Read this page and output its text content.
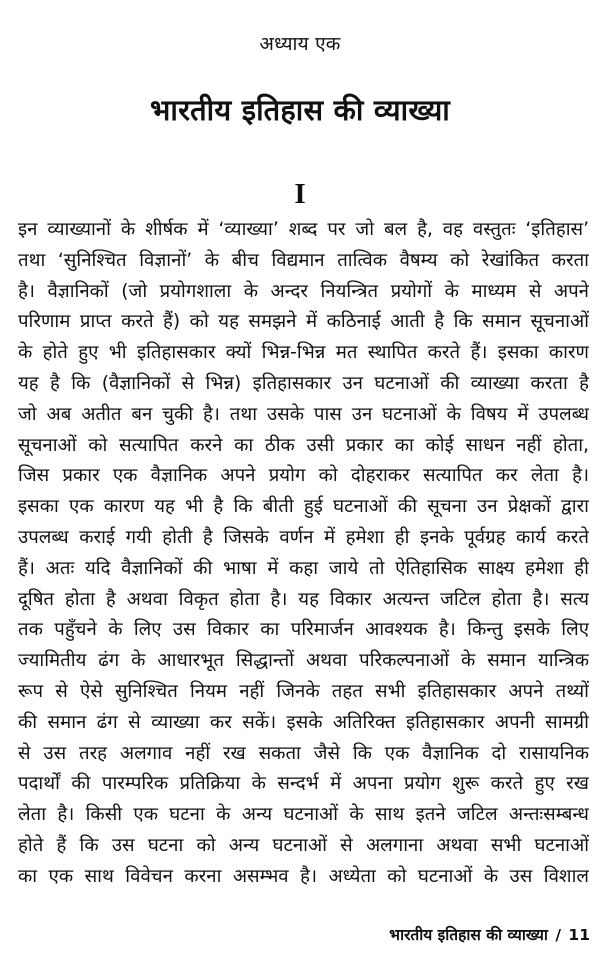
अध्याय एक
भारतीय इतिहास की व्याख्या
I
इन व्याख्यानों के शीर्षक में ‘व्याख्या’ शब्द पर जो बल है, वह वस्तुतः ‘इतिहास’
तथा ‘सुनिश्चित विज्ञानों’ के बीच विद्यमान तात्विक वैषम्य को रेखांकित करता
है। वैज्ञानिकों (जो प्रयोगशाला के अन्दर नियन्त्रित प्रयोगों के माध्यम से अपने
परिणाम प्राप्त करते हैं) को यह समझने में कठिनाई आती है कि समान सूचनाओं
के होते हुए भी इतिहासकार क्यों भिन्न-भिन्न मत स्थापित करते हैं। इसका कारण
यह है कि (वैज्ञानिकों से भिन्न) इतिहासकार उन घटनाओं की व्याख्या करता है
जो अब अतीत बन चुकी है। तथा उसके पास उन घटनाओं के विषय में उपलब्ध
सूचनाओं को सत्यापित करने का ठीक उसी प्रकार का कोई साधन नहीं होता,
जिस प्रकार एक वैज्ञानिक अपने प्रयोग को दोहराकर सत्यापित कर लेता है।
इसका एक कारण यह भी है कि बीती हुई घटनाओं की सूचना उन प्रेक्षकों द्वारा
उपलब्ध कराई गयी होती है जिसके वर्णन में हमेशा ही इनके पूर्वग्रह कार्य करते
हैं। अतः यदि वैज्ञानिकों की भाषा में कहा जाये तो ऐतिहासिक साक्ष्य हमेशा ही
दूषित होता है अथवा विकृत होता है। यह विकार अत्यन्त जटिल होता है। सत्य
तक पहुँचने के लिए उस विकार का परिमार्जन आवश्यक है। किन्तु इसके लिए
ज्यामितीय ढंग के आधारभूत सिद्धान्तों अथवा परिकल्पनाओं के समान यान्त्रिक
रूप से ऐसे सुनिश्चित नियम नहीं जिनके तहत सभी इतिहासकार अपने तथ्यों
की समान ढंग से व्याख्या कर सकें। इसके अतिरिक्त इतिहासकार अपनी सामग्री
से उस तरह अलगाव नहीं रख सकता जैसे कि एक वैज्ञानिक दो रासायनिक
पदार्थों की पारम्परिक प्रतिक्रिया के सन्दर्भ में अपना प्रयोग शुरू करते हुए रख
लेता है। किसी एक घटना के अन्य घटनाओं के साथ इतने जटिल अन्तःसम्बन्ध
होते हैं कि उस घटना को अन्य घटनाओं से अलगाना अथवा सभी घटनाओं
का एक साथ विवेचन करना असम्भव है। अध्येता को घटनाओं के उस विशाल
भारतीय इतिहास की व्याख्या / 11
